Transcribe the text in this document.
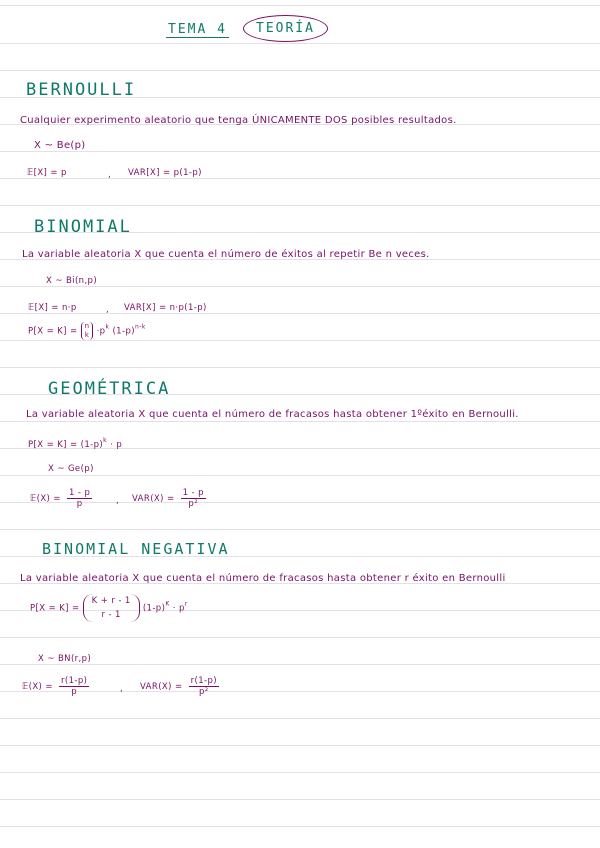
TEMA 4	TEORÍA
BERNOULLI
Cualquier experimento aleatorio que tenga ÚNICAMENTE DOS posibles resultados.
X ~ Be(p)
𝔼[X] = p	, VAR[X] = p(1-p)
BINOMIAL
La variable aleatoria X que cuenta el número de éxitos al repetir Be n veces.
X ~ Bi(n,p)
𝔼[X] = n·p	, VAR[X] = n·p(1-p)
P[X = K] = n
$k \cdot p^k$ $(1-p)^{n-k}$
GEOMÉTRICA
La variable aleatoria X que cuenta el número de fracasos hasta obtener 1ºéxito en Bernoulli.
$P[X = K] = (1-p)^k \cdot p$
X ~ Ge(p)
𝔼(X) = $\frac{1 - p}{p}$	, $VAR(X) = \frac{1 - p}{\text{p²}}$
BINOMIAL NEGATIVA
La variable aleatoria X que cuenta el número de fracasos hasta obtener r éxito en Bernoulli
P[X = K] =
K + r - 1
r - 1
$(1-p)^K \cdot p^r$
X ~ BN(r,p)
𝔼(X) = $\frac{r(1-p)}{p}$	, $VAR(X) = \frac{r(1-p)}{\text{p²}}$
